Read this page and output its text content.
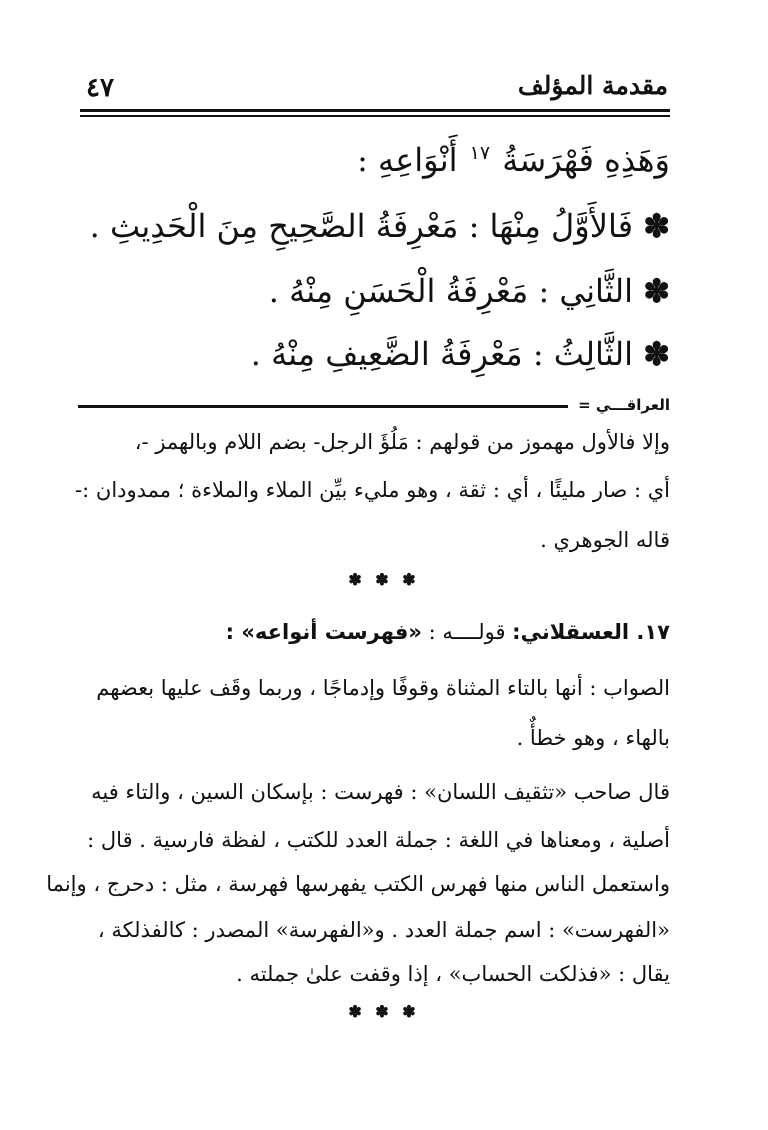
٤٧	مقدمة المؤلف
وَهَذِهِ فَهْرَسَةُ $^{١٧}$ أَنْوَاعِهِ :
✽ فَالأَوَّلُ مِنْهَا : مَعْرِفَةُ الصَّحِيحِ مِنَ الْحَدِيثِ .
✽ الثَّانِي : مَعْرِفَةُ الْحَسَنِ مِنْهُ .
✽ الثَّالِثُ : مَعْرِفَةُ الضَّعِيفِ مِنْهُ .
العراقـــي =
وإلا فالأول مهموز من قولهم : مَلُؤَ الرجل- بضم اللام وبالهمز -،
أي : صار مليئًا ، أي : ثقة ، وهو مليء بيِّن الملاء والملاءة ؛ ممدودان :-
قاله الجوهري .
✽ ✽ ✽
١٧. العسقلاني: قولــــه : «فهرست أنواعه» :
الصواب : أنها بالتاء المثناة وقوفًا وإدماجًا ، وربما وقَف عليها بعضهم
بالهاء ، وهو خطأٌ .
قال صاحب «تثقيف اللسان» : فهرست : بإسكان السين ، والتاء فيه
أصلية ، ومعناها في اللغة : جملة العدد للكتب ، لفظة فارسية . قال :
واستعمل الناس منها فهرس الكتب يفهرسها فهرسة ، مثل : دحرج ، وإنما
«الفهرست» : اسم جملة العدد . و«الفهرسة» المصدر : كالفذلكة ،
يقال : «فذلكت الحساب» ، إذا وقفت علىٰ جملته .
✽ ✽ ✽
